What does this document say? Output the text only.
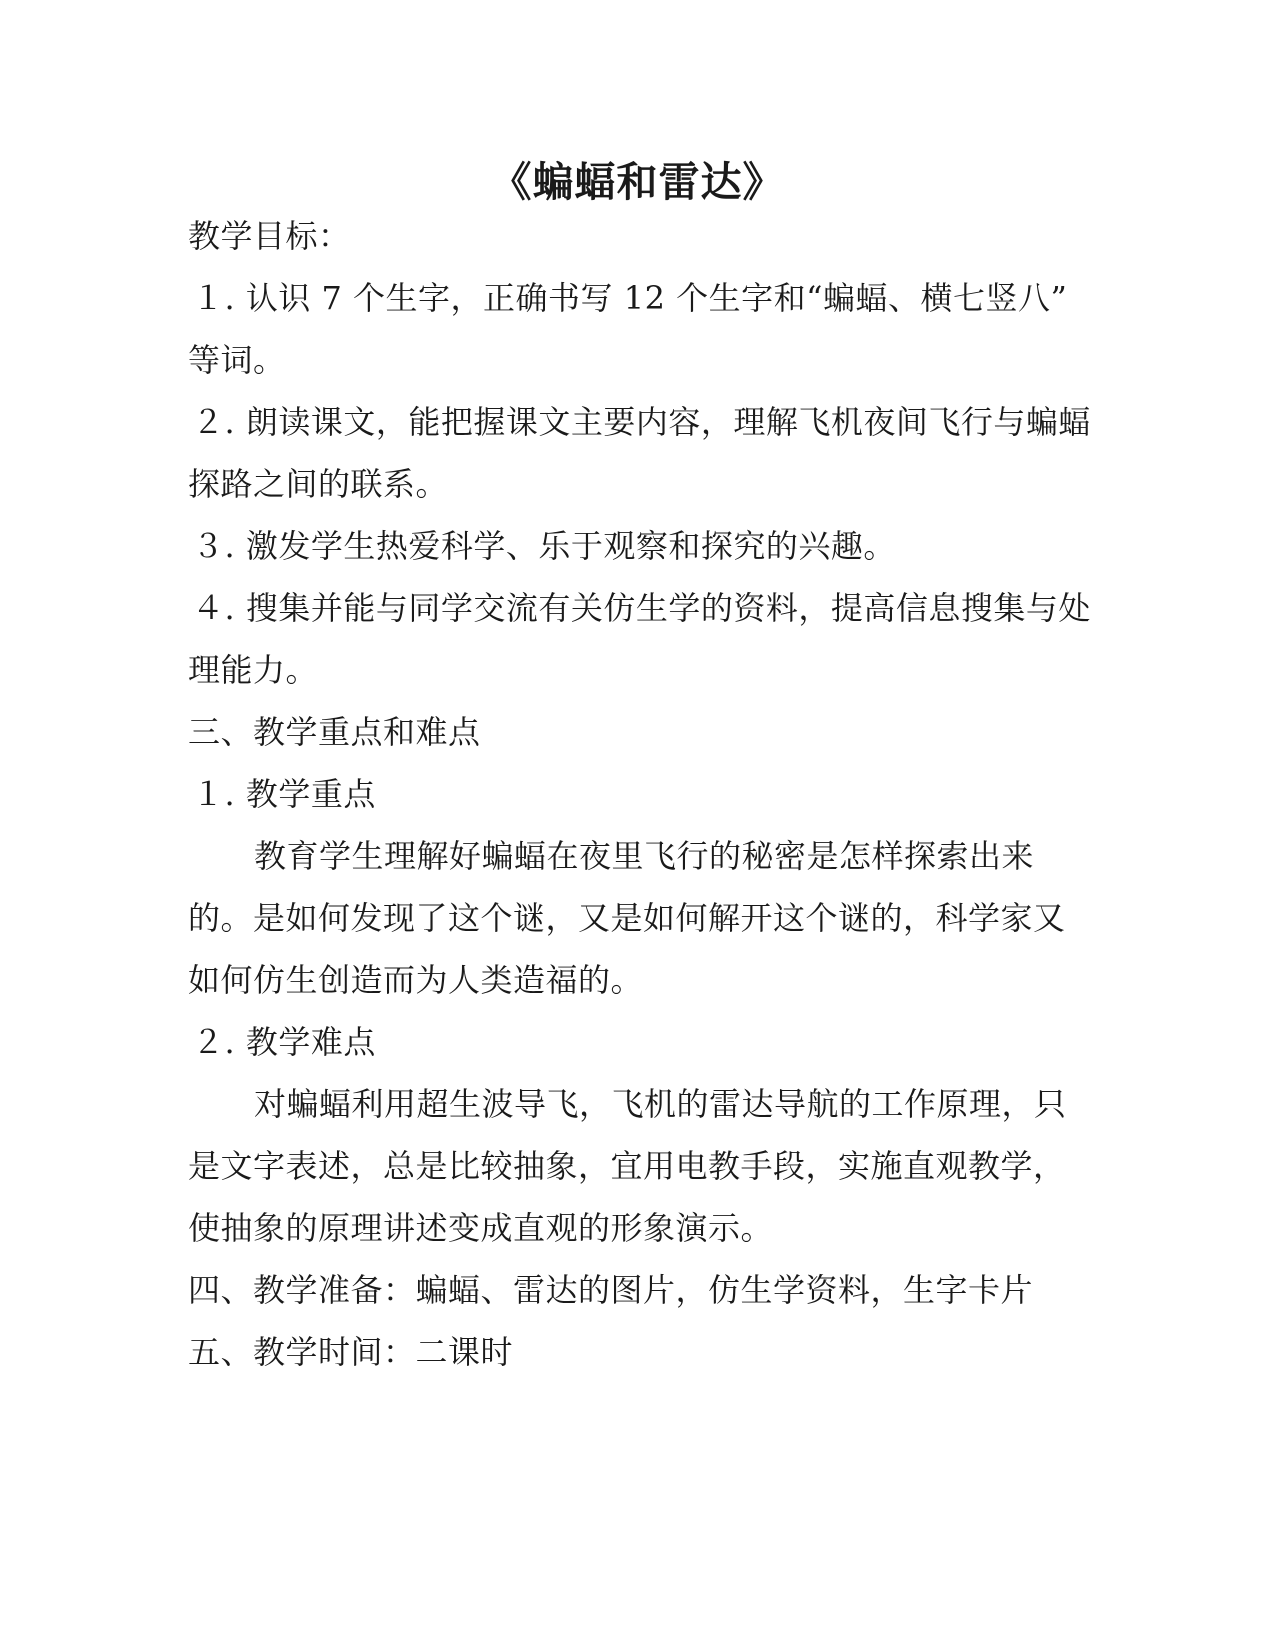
《蝙蝠和雷达》
教学目标：
１. 认识 7 个生字，正确书写 12 个生字和“蝙蝠、横七竖八”
等词。
２. 朗读课文，能把握课文主要内容，理解飞机夜间飞行与蝙蝠
探路之间的联系。
３. 激发学生热爱科学、乐于观察和探究的兴趣。
４. 搜集并能与同学交流有关仿生学的资料，提高信息搜集与处
理能力。
三、教学重点和难点
１. 教学重点
教育学生理解好蝙蝠在夜里飞行的秘密是怎样探索出来
的。是如何发现了这个谜，又是如何解开这个谜的，科学家又
如何仿生创造而为人类造福的。
２. 教学难点
对蝙蝠利用超生波导飞，飞机的雷达导航的工作原理，只
是文字表述，总是比较抽象，宜用电教手段，实施直观教学，
使抽象的原理讲述变成直观的形象演示。
四、教学准备：蝙蝠、雷达的图片，仿生学资料，生字卡片
五、教学时间：二课时
